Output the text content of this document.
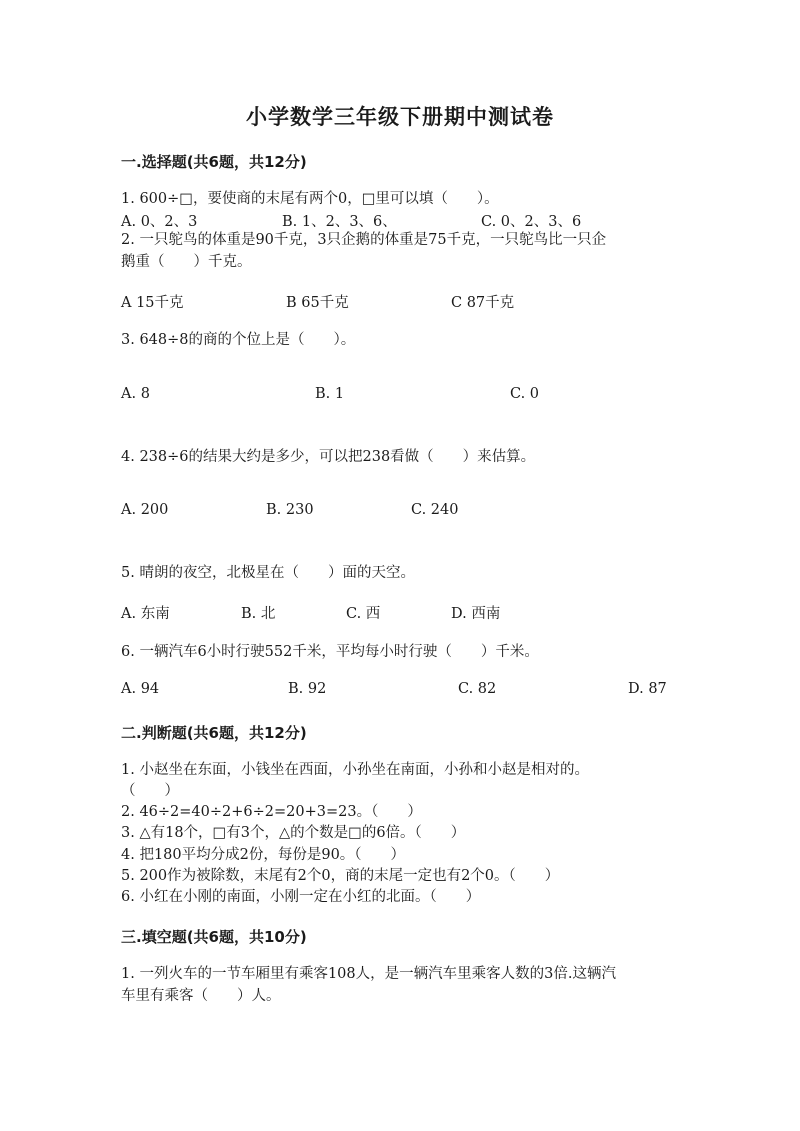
小学数学三年级下册期中测试卷
一.选择题(共6题，共12分)
1. 600÷□，要使商的末尾有两个0，□里可以填（　　）。
A. 0、2、3	B. 1、2、3、6、	C. 0、2、3、6
2. 一只鸵鸟的体重是90千克，3只企鹅的体重是75千克，一只鸵鸟比一只企
鹅重（　　）千克。
A 15千克	B 65千克	C 87千克
3. 648÷8的商的个位上是（　　）。
A. 8	B. 1	C. 0
4. 238÷6的结果大约是多少，可以把238看做（　　）来估算。
A. 200	B. 230	C. 240
5. 晴朗的夜空，北极星在（　　）面的天空。
A. 东南	B. 北	C. 西	D. 西南
6. 一辆汽车6小时行驶552千米，平均每小时行驶（　　）千米。
A. 94	B. 92	C. 82	D. 87
二.判断题(共6题，共12分)
1. 小赵坐在东面，小钱坐在西面，小孙坐在南面，小孙和小赵是相对的。
（　　）
2. 46÷2=40÷2+6÷2=20+3=23。（　　）
3. △有18个，□有3个，△的个数是□的6倍。（　　）
4. 把180平均分成2份，每份是90。（　　）
5. 200作为被除数，末尾有2个0，商的末尾一定也有2个0。（　　）
6. 小红在小刚的南面，小刚一定在小红的北面。（　　）
三.填空题(共6题，共10分)
1. 一列火车的一节车厢里有乘客108人，是一辆汽车里乘客人数的3倍.这辆汽
车里有乘客（　　）人。
